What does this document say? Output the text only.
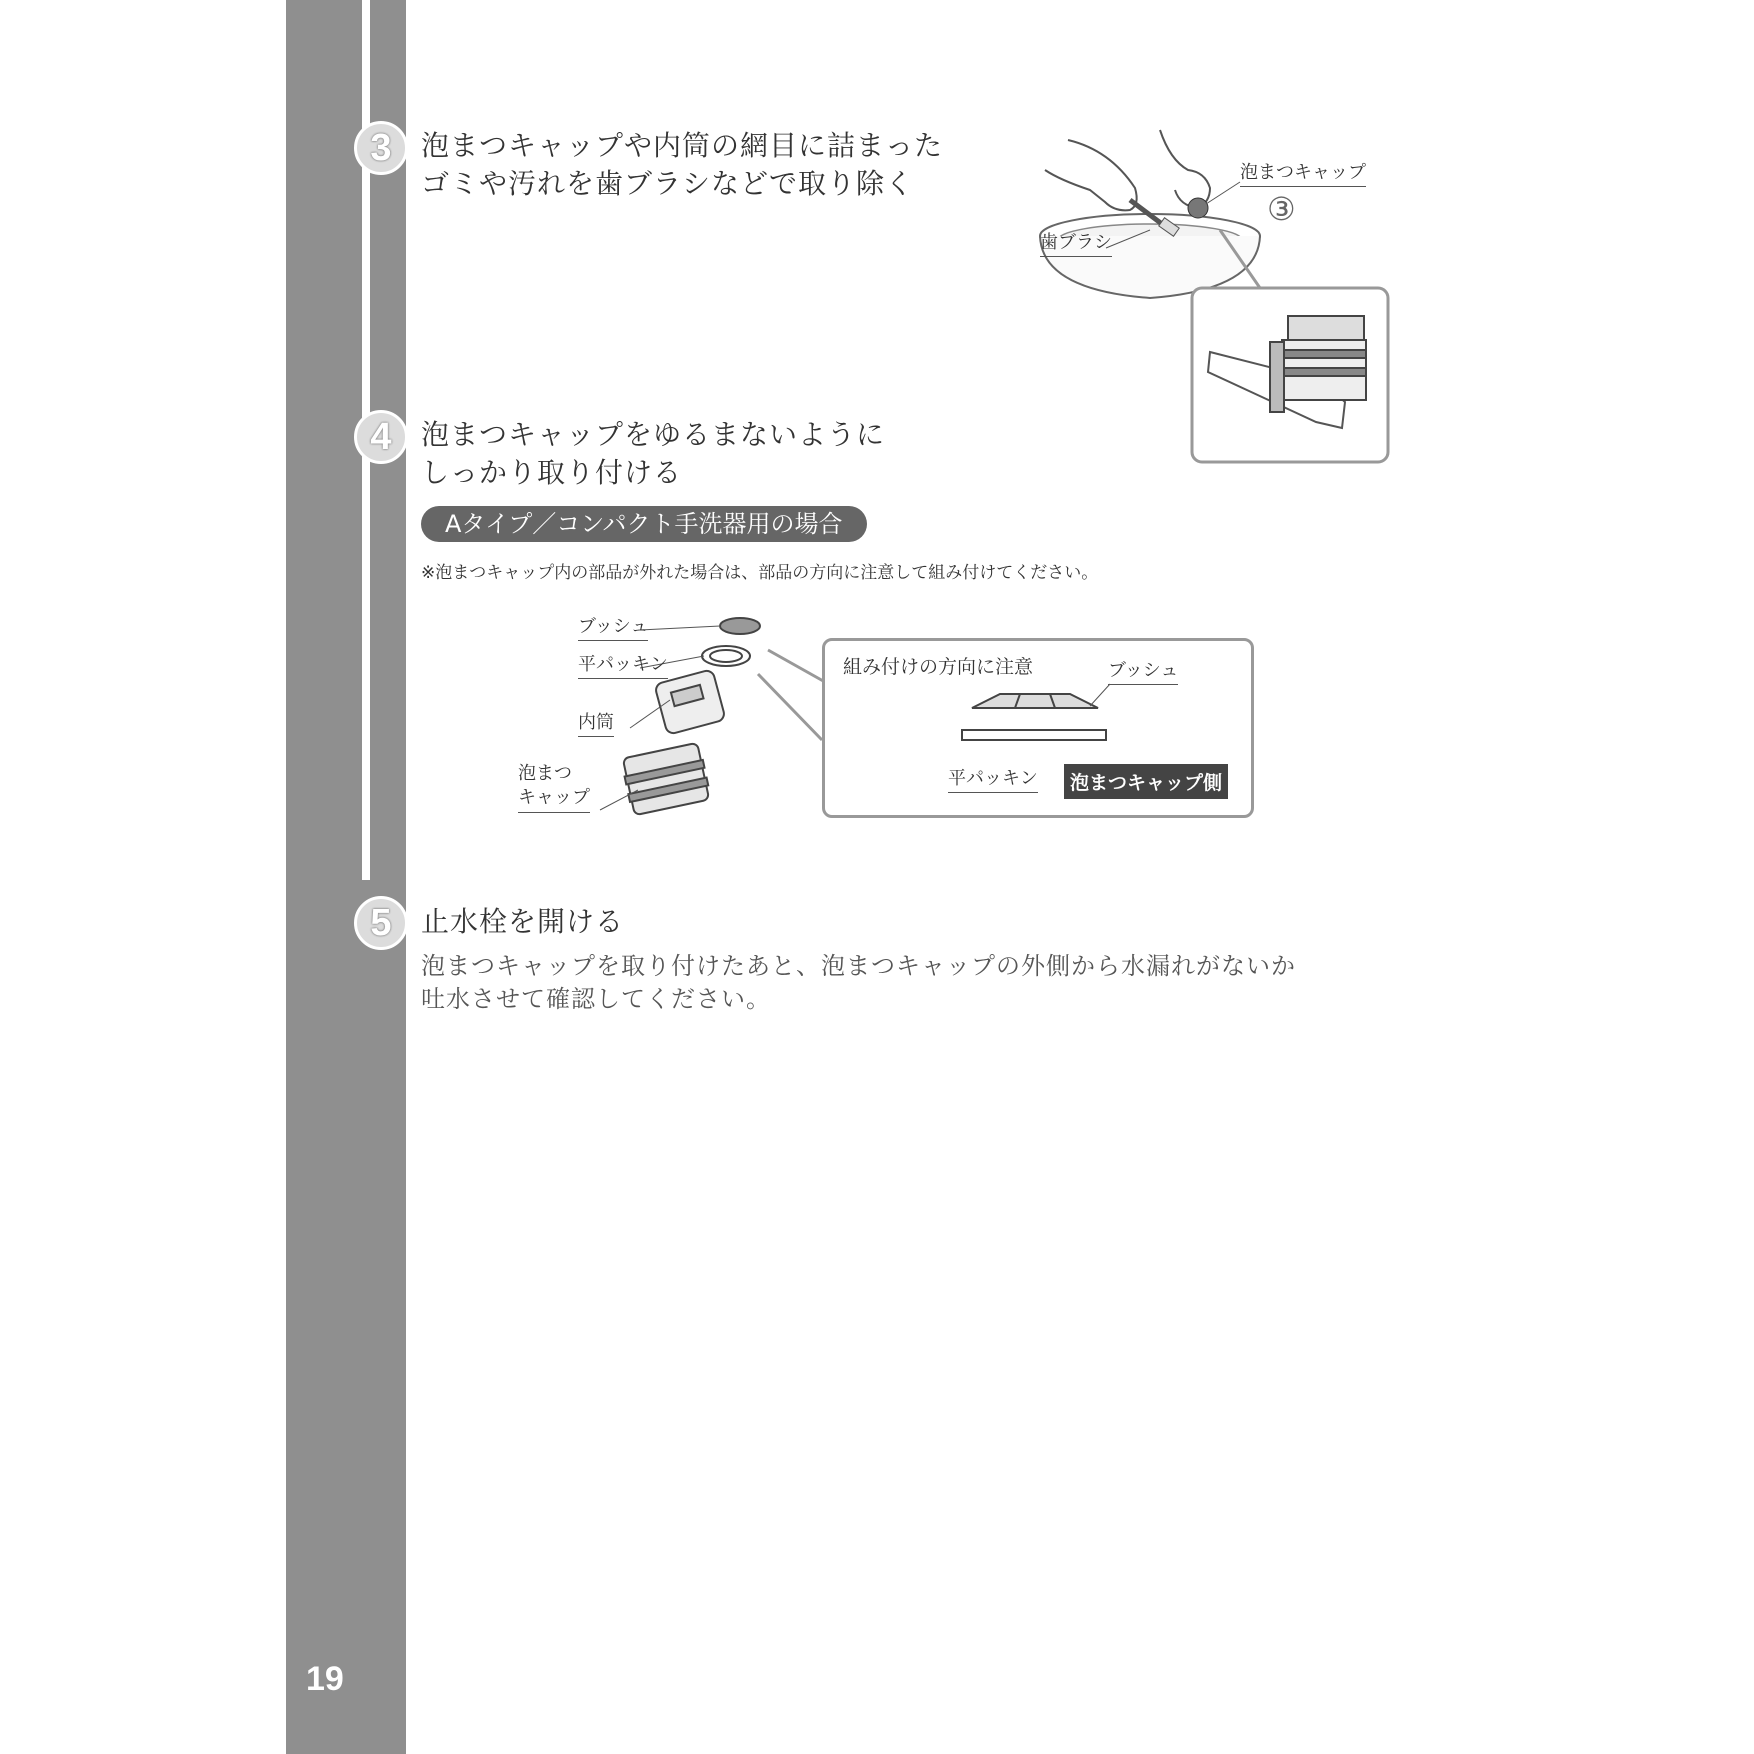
19
3	泡まつキャップや内筒の網目に詰まった
ゴミや汚れを歯ブラシなどで取り除く	泡まつキャップ
歯ブラシ
③
4	泡まつキャップをゆるまないように
しっかり取り付ける
Aタイプ／コンパクト手洗器用の場合
※泡まつキャップ内の部品が外れた場合は、部品の方向に注意して組み付けてください。
ブッシュ
平パッキン
内筒
泡まつ
キャップ
組み付けの方向に注意	ブッシュ
平パッキン	泡まつキャップ側
5	止水栓を開ける
泡まつキャップを取り付けたあと、泡まつキャップの外側から水漏れがないか
吐水させて確認してください。
